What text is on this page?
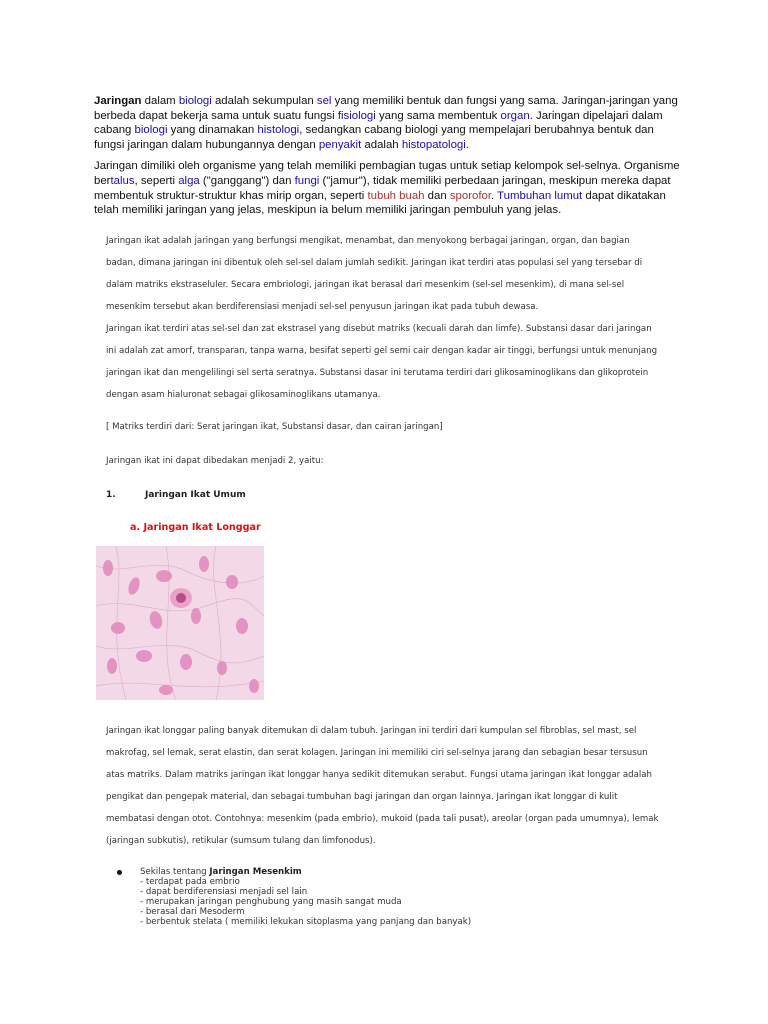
Jaringan dalam biologi adalah sekumpulan sel yang memiliki bentuk dan fungsi yang sama. Jaringan-jaringan yang berbeda dapat bekerja sama untuk suatu fungsi fisiologi yang sama membentuk organ. Jaringan dipelajari dalam cabang biologi yang dinamakan histologi, sedangkan cabang biologi yang mempelajari berubahnya bentuk dan fungsi jaringan dalam hubungannya dengan penyakit adalah histopatologi.

Jaringan dimiliki oleh organisme yang telah memiliki pembagian tugas untuk setiap kelompok sel-selnya. Organisme bertalus, seperti alga ("ganggang") dan fungi ("jamur"), tidak memiliki perbedaan jaringan, meskipun mereka dapat membentuk struktur-struktur khas mirip organ, seperti tubuh buah dan sporofor. Tumbuhan lumut dapat dikatakan telah memiliki jaringan yang jelas, meskipun ia belum memiliki jaringan pembuluh yang jelas.

Jaringan ikat adalah jaringan yang berfungsi mengikat, menambat, dan menyokong berbagai jaringan, organ, dan bagian
badan, dimana jaringan ini dibentuk oleh sel-sel dalam jumlah sedikit. Jaringan ikat terdiri atas populasi sel yang tersebar di
dalam matriks ekstraseluler. Secara embriologi, jaringan ikat berasal dari mesenkim (sel-sel mesenkim), di mana sel-sel
mesenkim tersebut akan berdiferensiasi menjadi sel-sel penyusun jaringan ikat pada tubuh dewasa.
Jaringan ikat terdiri atas sel-sel dan zat ekstrasel yang disebut matriks (kecuali darah dan limfe). Substansi dasar dari jaringan
ini adalah zat amorf, transparan, tanpa warna, besifat seperti gel semi cair dengan kadar air tinggi, berfungsi untuk menunjang
jaringan ikat dan mengelilingi sel serta seratnya. Substansi dasar ini terutama terdiri dari glikosaminoglikans dan glikoprotein
dengan asam hialuronat sebagai glikosaminoglikans utamanya.
[ Matriks terdiri dari: Serat jaringan ikat, Substansi dasar, dan cairan jaringan]
Jaringan ikat ini dapat dibedakan menjadi 2, yaitu:
1.	Jaringan Ikat Umum
a. Jaringan Ikat Longgar
Jaringan ikat longgar paling banyak ditemukan di dalam tubuh. Jaringan ini terdiri dari kumpulan sel fibroblas, sel mast, sel
makrofag, sel lemak, serat elastin, dan serat kolagen. Jaringan ini memiliki ciri sel-selnya jarang dan sebagian besar tersusun
atas matriks. Dalam matriks jaringan ikat longgar hanya sedikit ditemukan serabut. Fungsi utama jaringan ikat longgar adalah
pengikat dan pengepak material, dan sebagai tumbuhan bagi jaringan dan organ lainnya. Jaringan ikat longgar di kulit
membatasi dengan otot. Contohnya: mesenkim (pada embrio), mukoid (pada tali pusat), areolar (organ pada umumnya), lemak
(jaringan subkutis), retikular (sumsum tulang dan limfonodus).
Sekilas tentang Jaringan Mesenkim
- terdapat pada embrio
- dapat berdiferensiasi menjadi sel lain
- merupakan jaringan penghubung yang masih sangat muda
- berasal dari Mesoderm
- berbentuk stelata ( memiliki lekukan sitoplasma yang panjang dan banyak)
